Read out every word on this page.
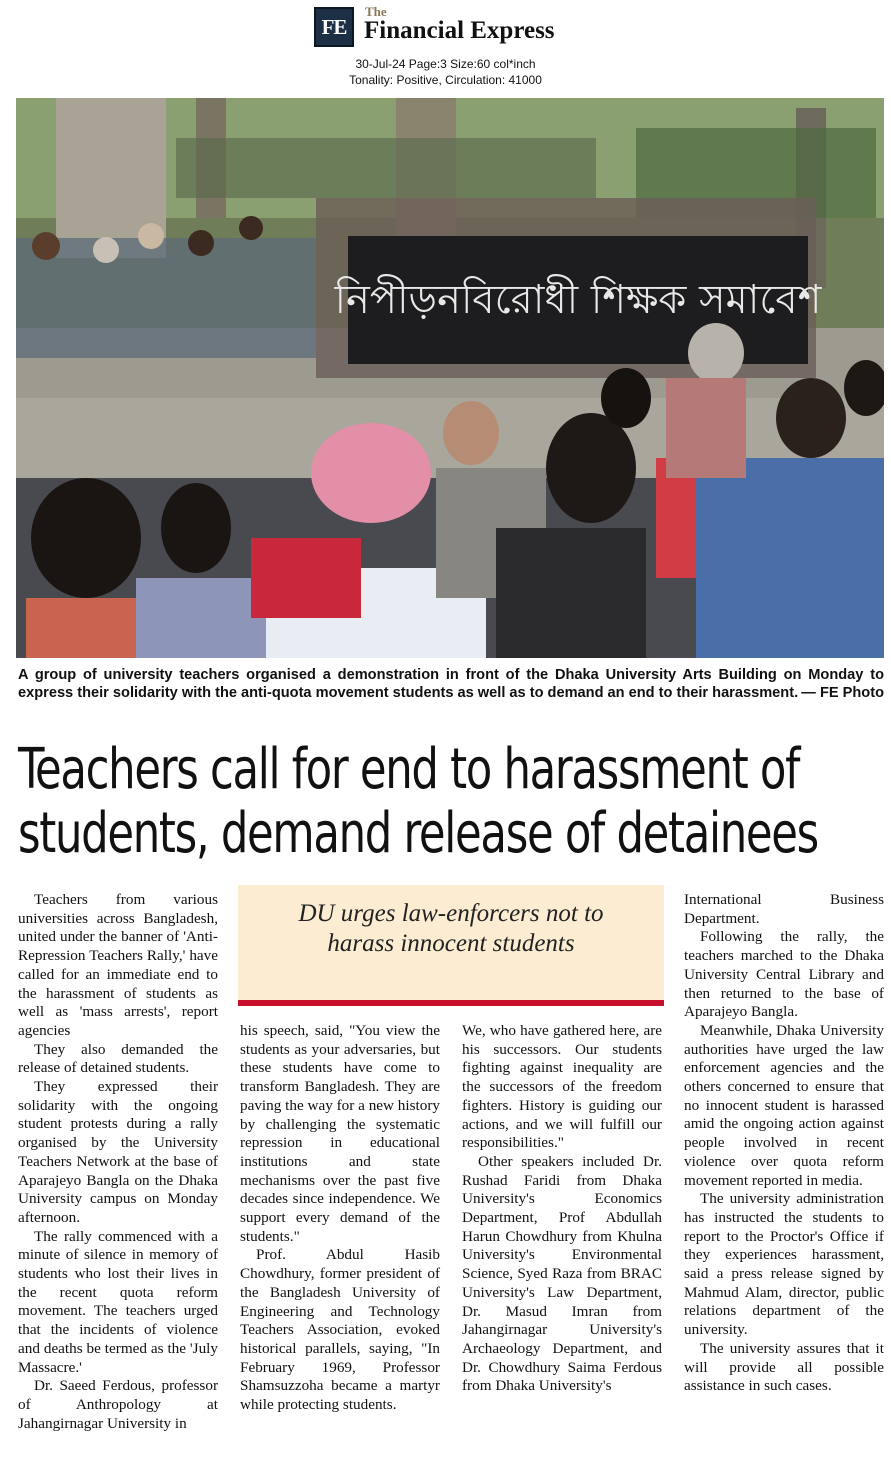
FE
The
Financial Express
30-Jul-24 Page:3 Size:60 col*inch
Tonality: Positive, Circulation: 41000
নিপীড়নবিরোধী শিক্ষক সমাবেশ
A group of university teachers organised a demonstration in front of the Dhaka University Arts Building on Monday to express their solidarity with the anti-quota movement students as well as to demand an end to their harassment. — FE Photo
Teachers call for end to harassment of
students, demand release of detainees

Teachers from various universities across Bangladesh, united under the banner of 'Anti-Repression Teachers Rally,' have called for an immediate end to the harassment of students as well as 'mass arrests', report agencies

They also demanded the release of detained students.

They expressed their solidarity with the ongoing student protests during a rally organised by the University Teachers Network at the base of Aparajeyo Bangla on the Dhaka University campus on Monday afternoon.

The rally commenced with a minute of silence in memory of students who lost their lives in the recent quota reform movement. The teachers urged that the incidents of violence and deaths be termed as the 'July Massacre.'

Dr. Saeed Ferdous, professor of Anthropology at Jahangirnagar University in

DU urges law-enforcers not to harass innocent students

his speech, said, "You view the students as your adversaries, but these students have come to transform Bangladesh. They are paving the way for a new history by challenging the systematic repression in educational institutions and state mechanisms over the past five decades since independence. We support every demand of the students."

Prof. Abdul Hasib Chowdhury, former president of the Bangladesh University of Engineering and Technology Teachers Association, evoked historical parallels, saying, "In February 1969, Professor Shamsuzzoha became a martyr while protecting students.

We, who have gathered here, are his successors. Our students fighting against inequality are the successors of the freedom fighters. History is guiding our actions, and we will fulfill our responsibilities."

Other speakers included Dr. Rushad Faridi from Dhaka University's Economics Department, Prof Abdullah Harun Chowdhury from Khulna University's Environmental Science, Syed Raza from BRAC University's Law Department, Dr. Masud Imran from Jahangirnagar University's Archaeology Department, and Dr. Chowdhury Saima Ferdous from Dhaka University's

International Business Department.

Following the rally, the teachers marched to the Dhaka University Central Library and then returned to the base of Aparajeyo Bangla.

Meanwhile, Dhaka University authorities have urged the law enforcement agencies and the others concerned to ensure that no innocent student is harassed amid the ongoing action against people involved in recent violence over quota reform movement reported in media.

The university administration has instructed the students to report to the Proctor's Office if they experiences harassment, said a press release signed by Mahmud Alam, director, public relations department of the university.

The university assures that it will provide all possible assistance in such cases.
